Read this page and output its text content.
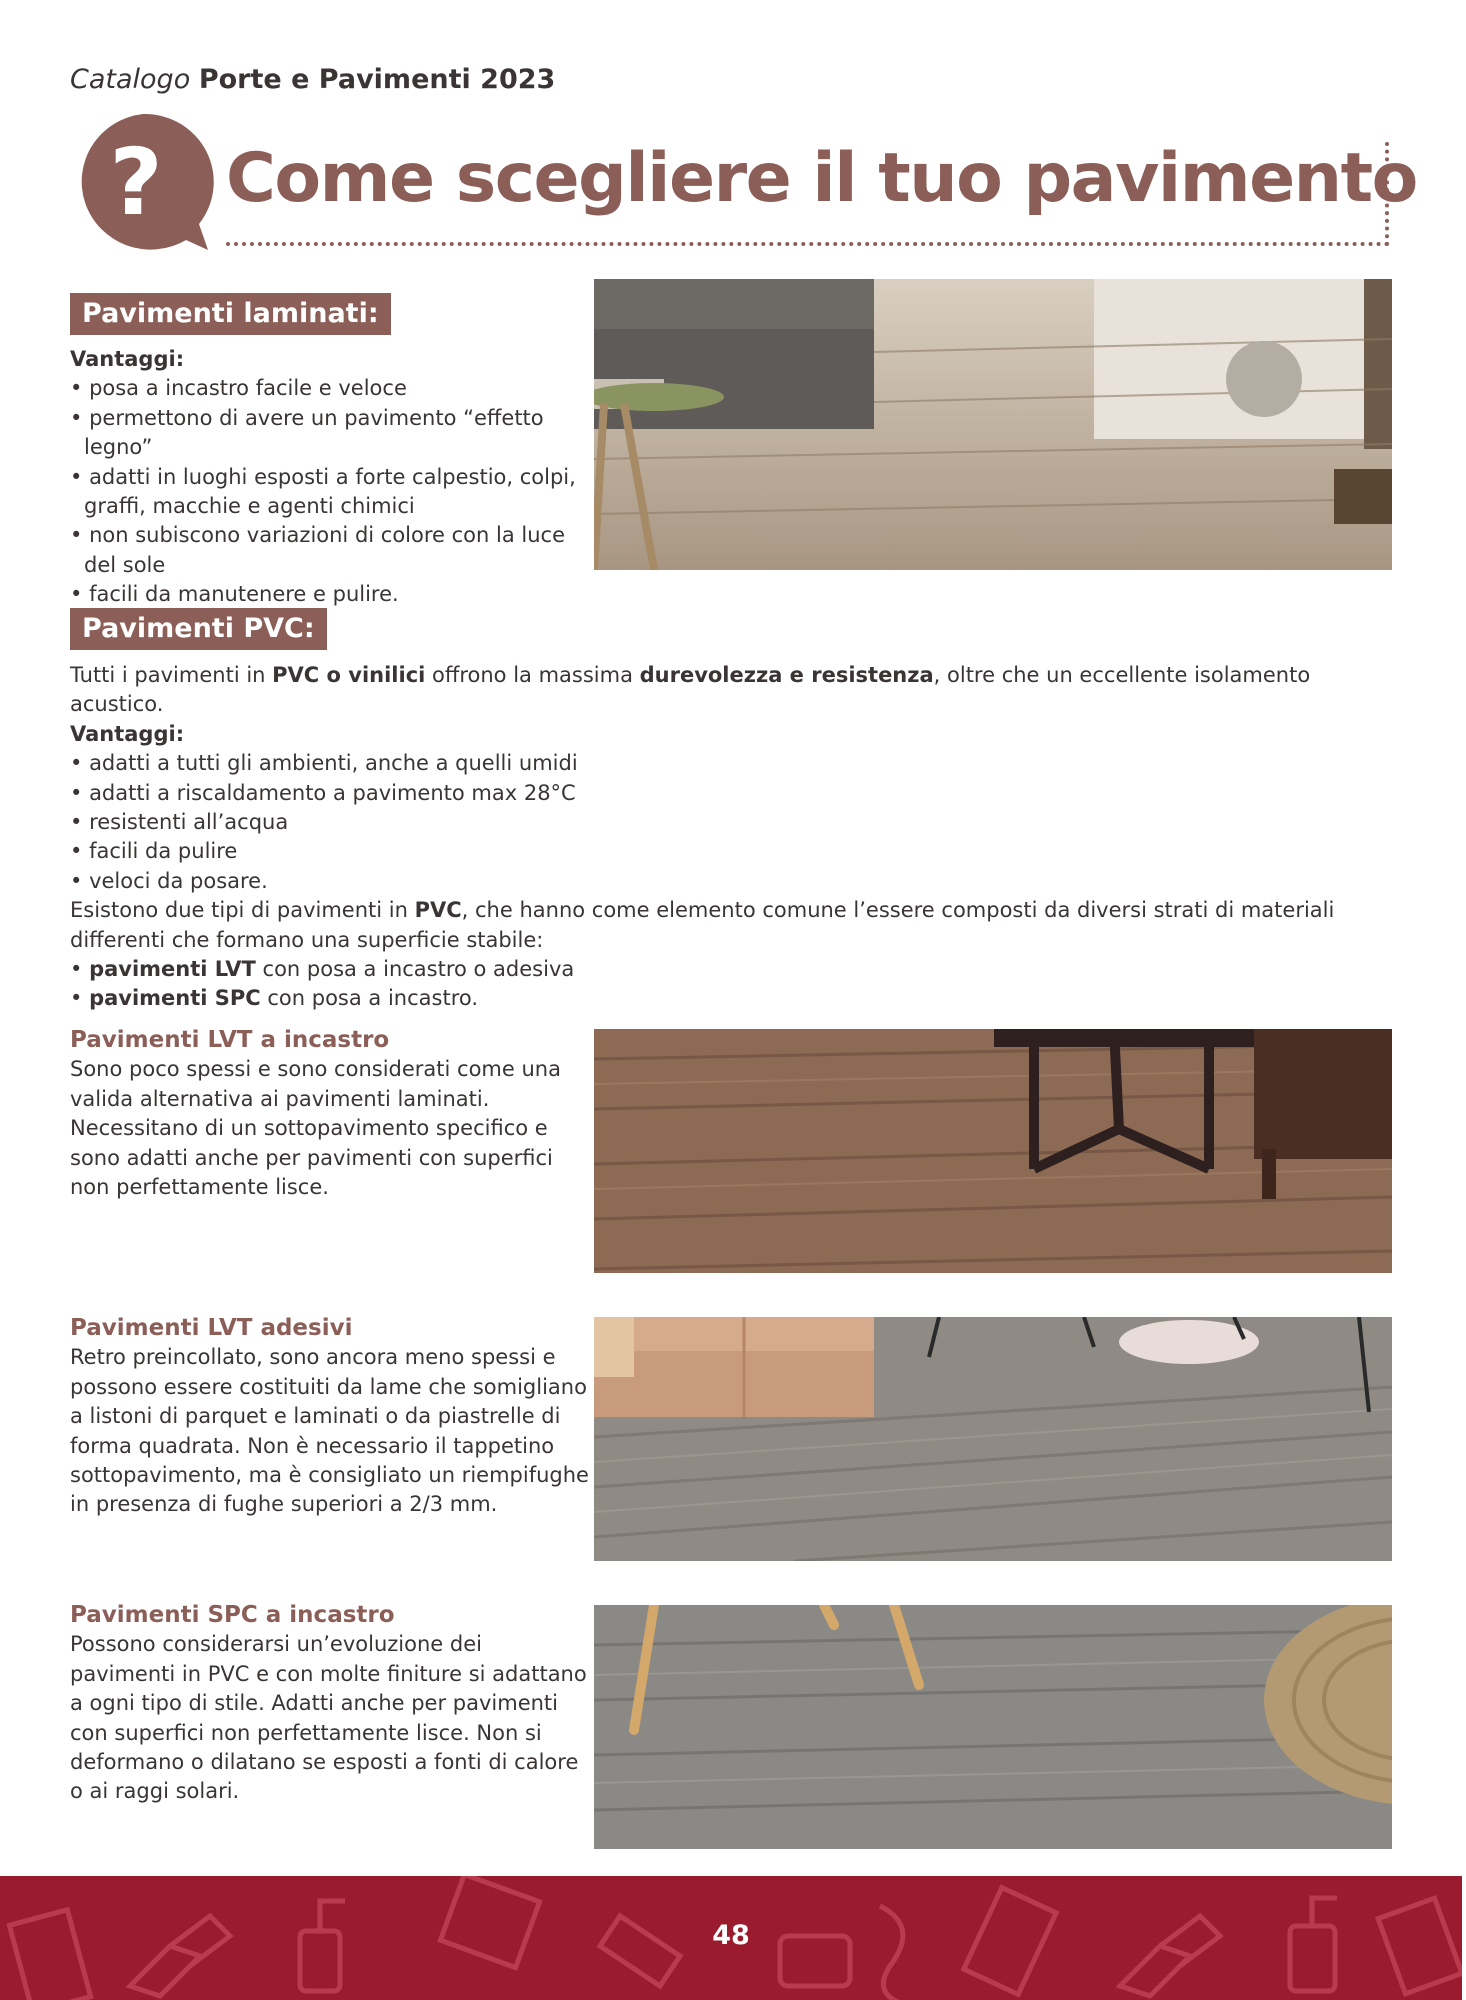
Catalogo Porte e Pavimenti 2023
? Come scegliere il tuo pavimento
Pavimenti laminati:

Vantaggi:

• posa a incastro facile e veloce

• permettono di avere un pavimento “effetto legno”

• adatti in luoghi esposti a forte calpestio, colpi, graffi, macchie e agenti chimici

• non subiscono variazioni di colore con la luce del sole

• facili da manutenere e pulire.

Pavimenti PVC:

Tutti i pavimenti in PVC o vinilici offrono la massima durevolezza e resistenza, oltre che un eccellente isolamento acustico.

Vantaggi:

• adatti a tutti gli ambienti, anche a quelli umidi

• adatti a riscaldamento a pavimento max 28°C

• resistenti all’acqua

• facili da pulire

• veloci da posare.

Esistono due tipi di pavimenti in PVC, che hanno come elemento comune l’essere composti da diversi strati di materiali differenti che formano una superficie stabile:

• pavimenti LVT con posa a incastro o adesiva

• pavimenti SPC con posa a incastro.

Pavimenti LVT a incastro

Sono poco spessi e sono considerati come una valida alternativa ai pavimenti laminati. Necessitano di un sottopavimento specifico e sono adatti anche per pavimenti con superfici non perfettamente lisce.

Pavimenti LVT adesivi

Retro preincollato, sono ancora meno spessi e possono essere costituiti da lame che somigliano a listoni di parquet e laminati o da piastrelle di forma quadrata. Non è necessario il tappetino sottopavimento, ma è consigliato un riempifughe in presenza di fughe superiori a 2/3 mm.

Pavimenti SPC a incastro

Possono considerarsi un’evoluzione dei pavimenti in PVC e con molte finiture si adattano a ogni tipo di stile. Adatti anche per pavimenti con superfici non perfettamente lisce. Non si deformano o dilatano se esposti a fonti di calore o ai raggi solari.

48
